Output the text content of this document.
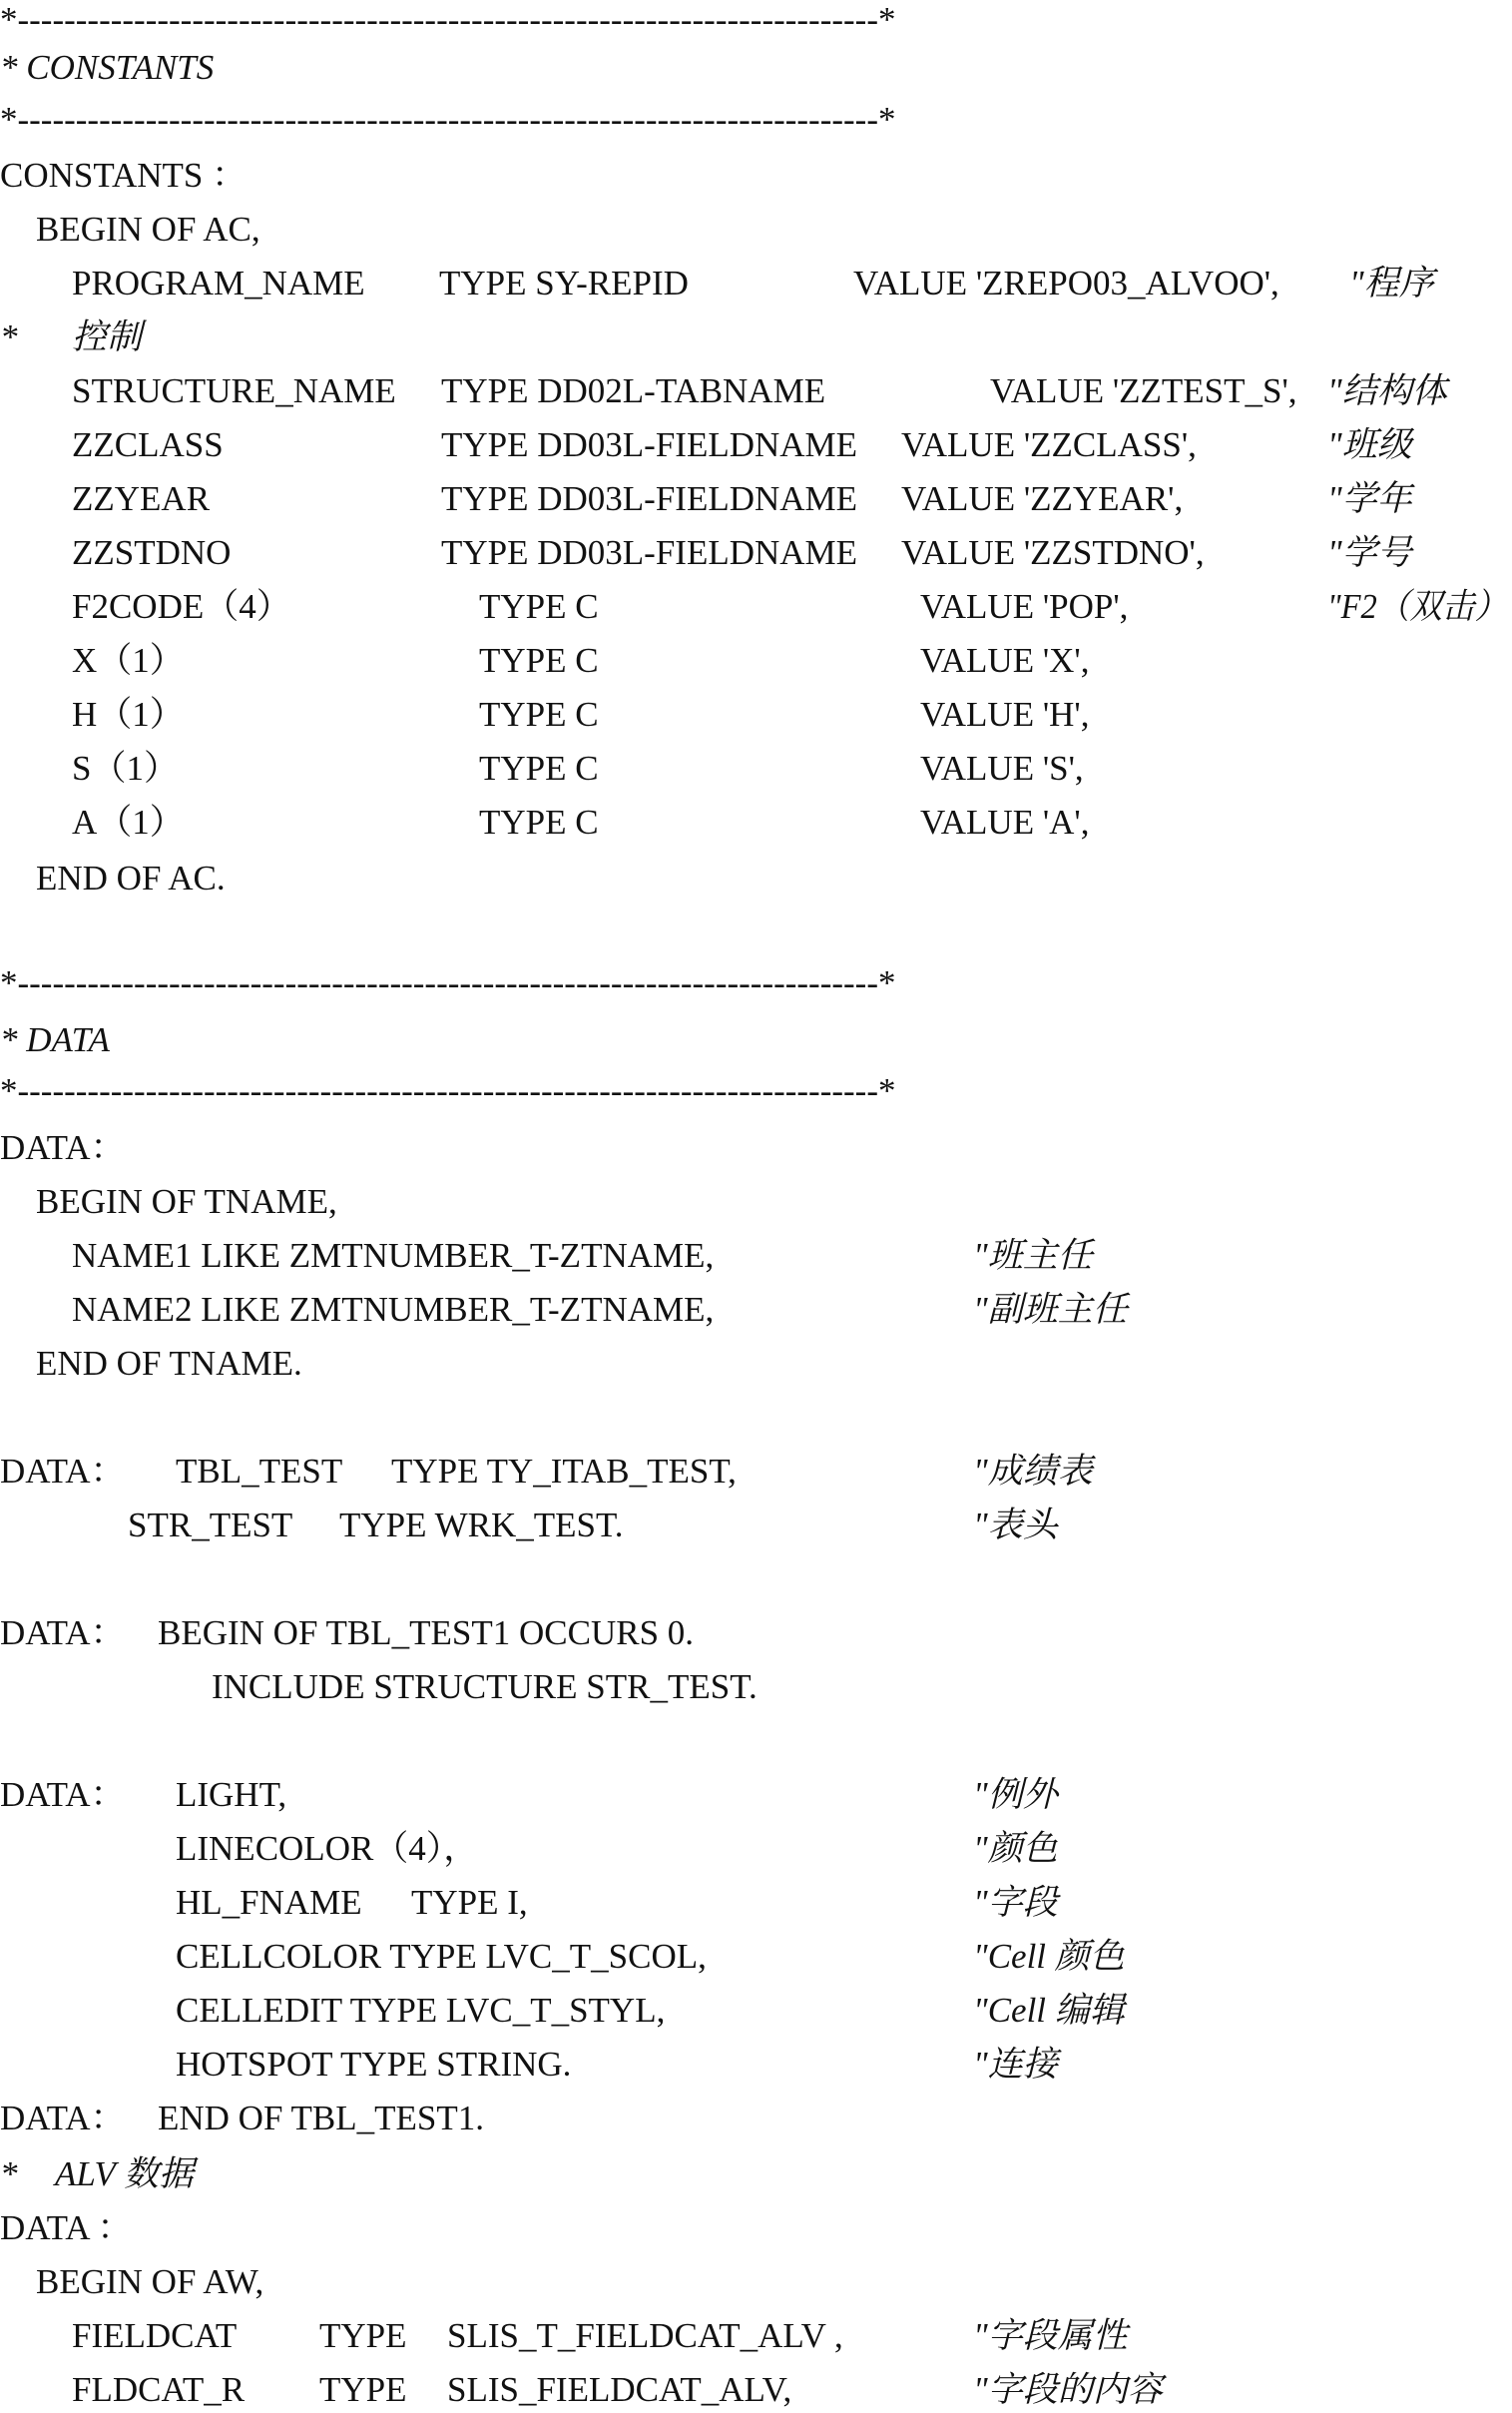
*--------------------------------------------------------------------------*
* CONSTANTS
*--------------------------------------------------------------------------*
CONSTANTS ：
BEGIN OF AC,
PROGRAM_NAME TYPE SY-REPID	VALUE 'ZREPO03_ALVOO', "程序
* 控制
STRUCTURE_NAME TYPE DD02L-TABNAME	VALUE 'ZZTEST_S', "结构体
ZZCLASS	TYPE DD03L-FIELDNAME VALUE 'ZZCLASS',	"班级
ZZYEAR	TYPE DD03L-FIELDNAME VALUE 'ZZYEAR',	"学年
ZZSTDNO	TYPE DD03L-FIELDNAME VALUE 'ZZSTDNO',	"学号
F2CODE（4）	TYPE C	VALUE 'POP',	"F2（双击）
X（1）	TYPE C	VALUE 'X',
H（1）	TYPE C	VALUE 'H',
S（1）	TYPE C	VALUE 'S',
A（1）	TYPE C	VALUE 'A',
END OF AC.
*--------------------------------------------------------------------------*
* DATA
*--------------------------------------------------------------------------*
DATA：
BEGIN OF TNAME,
NAME1 LIKE ZMTNUMBER_T-ZTNAME,	"班主任
NAME2 LIKE ZMTNUMBER_T-ZTNAME,	"副班主任
END OF TNAME.
DATA： TBL_TEST TYPE TY_ITAB_TEST,	"成绩表
STR_TEST TYPE WRK_TEST.	"表头
DATA： BEGIN OF TBL_TEST1 OCCURS 0.
INCLUDE STRUCTURE STR_TEST.
DATA： LIGHT,	"例外
LINECOLOR（4），	"颜色
HL_FNAME TYPE I,	"字段
CELLCOLOR TYPE LVC_T_SCOL,	"Cell 颜色
CELLEDIT TYPE LVC_T_STYL,	"Cell 编辑
HOTSPOT TYPE STRING.	"连接
DATA： END OF TBL_TEST1.
* ALV 数据
DATA ：
BEGIN OF AW,
FIELDCAT TYPE SLIS_T_FIELDCAT_ALV ,	"字段属性
FLDCAT_R TYPE SLIS_FIELDCAT_ALV,	"字段的内容
